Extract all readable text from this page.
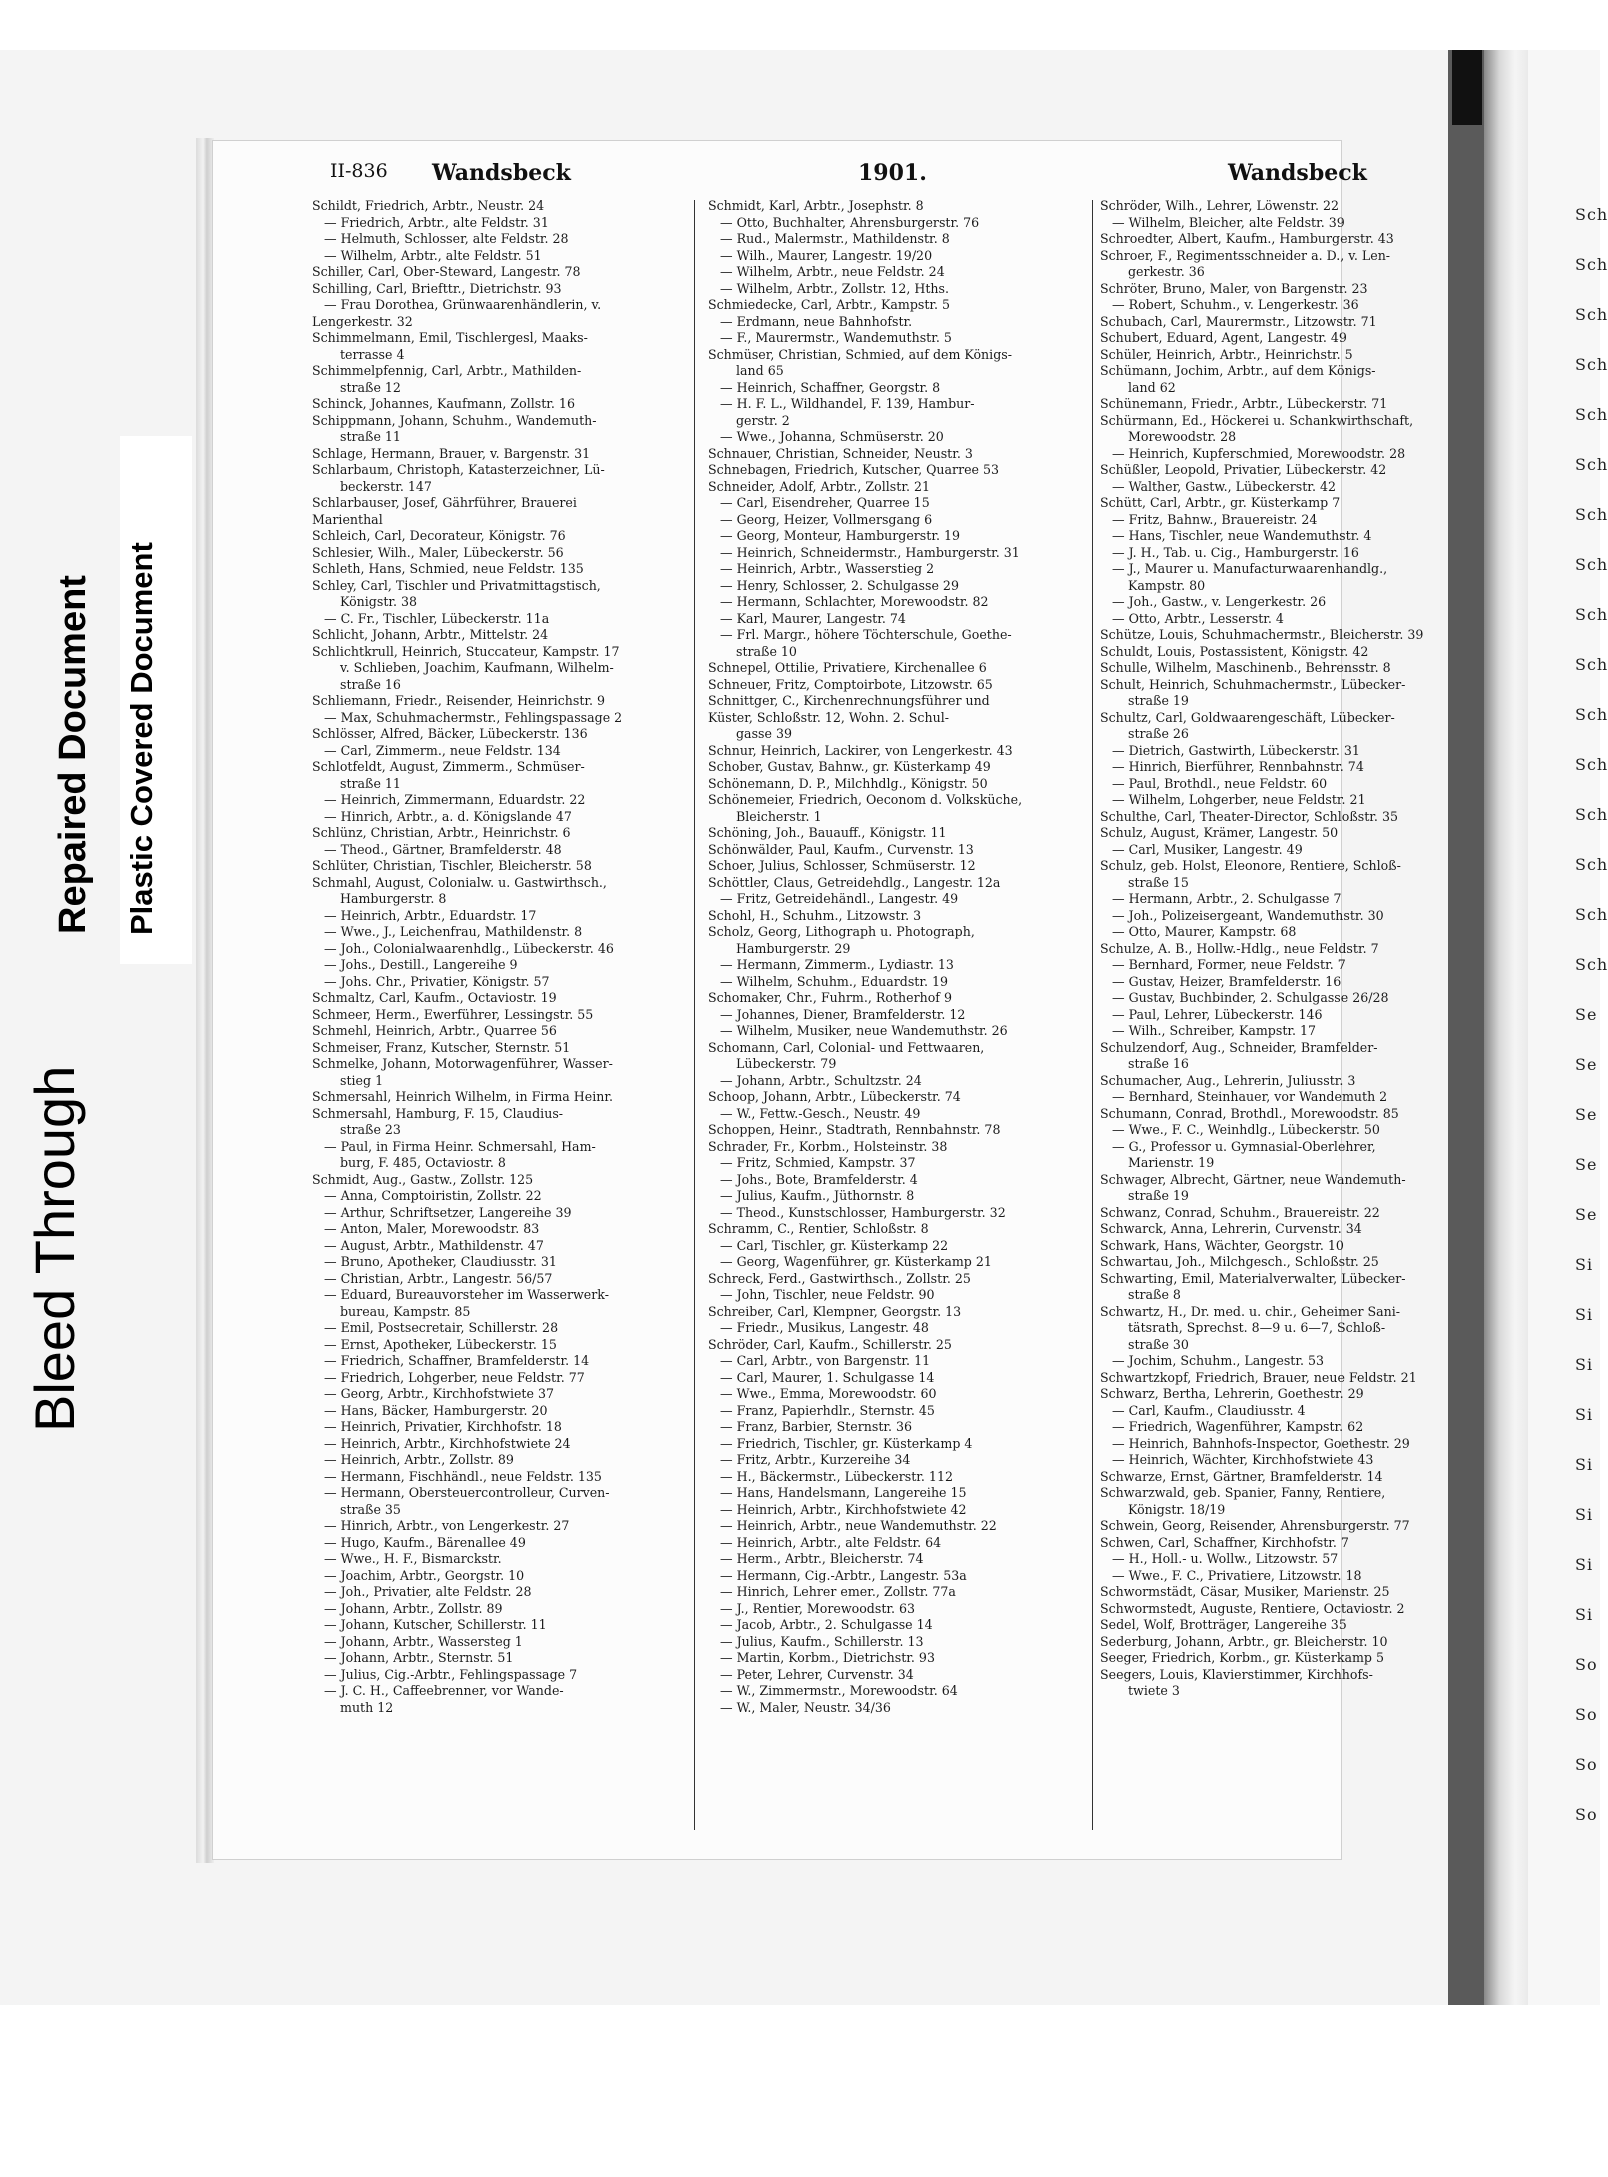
Bleed Through
Repaired Document Plastic Covered Document
Sch
Sch
Sch
Sch
Sch
Sch
Sch
Sch
Sch
Sch
Sch
Sch
Sch
Sch
Sch
Sch
Se
Se
Se
Se
Se
Si
Si
Si
Si
Si
Si
Si
Si
So
So
So
So
II-836 Wandsbeck	1901.	Wandsbeck
Schildt, Friedrich, Arbtr., Neustr. 24
— Friedrich, Arbtr., alte Feldstr. 31
— Helmuth, Schlosser, alte Feldstr. 28
— Wilhelm, Arbtr., alte Feldstr. 51
Schiller, Carl, Ober-Steward, Langestr. 78
Schilling, Carl, Briefttr., Dietrichstr. 93
— Frau Dorothea, Grünwaarenhändlerin, v.
Lengerkestr. 32
Schimmelmann, Emil, Tischlergesl, Maaks-
terrasse 4
Schimmelpfennig, Carl, Arbtr., Mathilden-
straße 12
Schinck, Johannes, Kaufmann, Zollstr. 16
Schippmann, Johann, Schuhm., Wandemuth-
straße 11
Schlage, Hermann, Brauer, v. Bargenstr. 31
Schlarbaum, Christoph, Katasterzeichner, Lü-
beckerstr. 147
Schlarbauser, Josef, Gährführer, Brauerei
Marienthal
Schleich, Carl, Decorateur, Königstr. 76
Schlesier, Wilh., Maler, Lübeckerstr. 56
Schleth, Hans, Schmied, neue Feldstr. 135
Schley, Carl, Tischler und Privatmittagstisch,
Königstr. 38
— C. Fr., Tischler, Lübeckerstr. 11a
Schlicht, Johann, Arbtr., Mittelstr. 24
Schlichtkrull, Heinrich, Stuccateur, Kampstr. 17
v. Schlieben, Joachim, Kaufmann, Wilhelm-
straße 16
Schliemann, Friedr., Reisender, Heinrichstr. 9
— Max, Schuhmachermstr., Fehlingspassage 2
Schlösser, Alfred, Bäcker, Lübeckerstr. 136
— Carl, Zimmerm., neue Feldstr. 134
Schlotfeldt, August, Zimmerm., Schmüser-
straße 11
— Heinrich, Zimmermann, Eduardstr. 22
— Hinrich, Arbtr., a. d. Königslande 47
Schlünz, Christian, Arbtr., Heinrichstr. 6
— Theod., Gärtner, Bramfelderstr. 48
Schlüter, Christian, Tischler, Bleicherstr. 58
Schmahl, August, Colonialw. u. Gastwirthsch.,
Hamburgerstr. 8
— Heinrich, Arbtr., Eduardstr. 17
— Wwe., J., Leichenfrau, Mathildenstr. 8
— Joh., Colonialwaarenhdlg., Lübeckerstr. 46
— Johs., Destill., Langereihe 9
— Johs. Chr., Privatier, Königstr. 57
Schmaltz, Carl, Kaufm., Octaviostr. 19
Schmeer, Herm., Ewerführer, Lessingstr. 55
Schmehl, Heinrich, Arbtr., Quarree 56
Schmeiser, Franz, Kutscher, Sternstr. 51
Schmelke, Johann, Motorwagenführer, Wasser-
stieg 1
Schmersahl, Heinrich Wilhelm, in Firma Heinr.
Schmersahl, Hamburg, F. 15, Claudius-
straße 23
— Paul, in Firma Heinr. Schmersahl, Ham-
burg, F. 485, Octaviostr. 8
Schmidt, Aug., Gastw., Zollstr. 125
— Anna, Comptoiristin, Zollstr. 22
— Arthur, Schriftsetzer, Langereihe 39
— Anton, Maler, Morewoodstr. 83
— August, Arbtr., Mathildenstr. 47
— Bruno, Apotheker, Claudiusstr. 31
— Christian, Arbtr., Langestr. 56/57
— Eduard, Bureauvorsteher im Wasserwerk-
bureau, Kampstr. 85
— Emil, Postsecretair, Schillerstr. 28
— Ernst, Apotheker, Lübeckerstr. 15
— Friedrich, Schaffner, Bramfelderstr. 14
— Friedrich, Lohgerber, neue Feldstr. 77
— Georg, Arbtr., Kirchhofstwiete 37
— Hans, Bäcker, Hamburgerstr. 20
— Heinrich, Privatier, Kirchhofstr. 18
— Heinrich, Arbtr., Kirchhofstwiete 24
— Heinrich, Arbtr., Zollstr. 89
— Hermann, Fischhändl., neue Feldstr. 135
— Hermann, Obersteuercontrolleur, Curven-
straße 35
— Hinrich, Arbtr., von Lengerkestr. 27
— Hugo, Kaufm., Bärenallee 49
— Wwe., H. F., Bismarckstr.
— Joachim, Arbtr., Georgstr. 10
— Joh., Privatier, alte Feldstr. 28
— Johann, Arbtr., Zollstr. 89
— Johann, Kutscher, Schillerstr. 11
— Johann, Arbtr., Wassersteg 1
— Johann, Arbtr., Sternstr. 51
— Julius, Cig.-Arbtr., Fehlingspassage 7
— J. C. H., Caffeebrenner, vor Wande-
muth 12
Schmidt, Karl, Arbtr., Josephstr. 8
— Otto, Buchhalter, Ahrensburgerstr. 76
— Rud., Malermstr., Mathildenstr. 8
— Wilh., Maurer, Langestr. 19/20
— Wilhelm, Arbtr., neue Feldstr. 24
— Wilhelm, Arbtr., Zollstr. 12, Hths.
Schmiedecke, Carl, Arbtr., Kampstr. 5
— Erdmann, neue Bahnhofstr.
— F., Maurermstr., Wandemuthstr. 5
Schmüser, Christian, Schmied, auf dem Königs-
land 65
— Heinrich, Schaffner, Georgstr. 8
— H. F. L., Wildhandel, F. 139, Hambur-
gerstr. 2
— Wwe., Johanna, Schmüserstr. 20
Schnauer, Christian, Schneider, Neustr. 3
Schnebagen, Friedrich, Kutscher, Quarree 53
Schneider, Adolf, Arbtr., Zollstr. 21
— Carl, Eisendreher, Quarree 15
— Georg, Heizer, Vollmersgang 6
— Georg, Monteur, Hamburgerstr. 19
— Heinrich, Schneidermstr., Hamburgerstr. 31
— Heinrich, Arbtr., Wasserstieg 2
— Henry, Schlosser, 2. Schulgasse 29
— Hermann, Schlachter, Morewoodstr. 82
— Karl, Maurer, Langestr. 74
— Frl. Margr., höhere Töchterschule, Goethe-
straße 10
Schnepel, Ottilie, Privatiere, Kirchenallee 6
Schneuer, Fritz, Comptoirbote, Litzowstr. 65
Schnittger, C., Kirchenrechnungsführer und
Küster, Schloßstr. 12, Wohn. 2. Schul-
gasse 39
Schnur, Heinrich, Lackirer, von Lengerkestr. 43
Schober, Gustav, Bahnw., gr. Küsterkamp 49
Schönemann, D. P., Milchhdlg., Königstr. 50
Schönemeier, Friedrich, Oeconom d. Volksküche,
Bleicherstr. 1
Schöning, Joh., Bauauff., Königstr. 11
Schönwälder, Paul, Kaufm., Curvenstr. 13
Schoer, Julius, Schlosser, Schmüserstr. 12
Schöttler, Claus, Getreidehdlg., Langestr. 12a
— Fritz, Getreidehändl., Langestr. 49
Schohl, H., Schuhm., Litzowstr. 3
Scholz, Georg, Lithograph u. Photograph,
Hamburgerstr. 29
— Hermann, Zimmerm., Lydiastr. 13
— Wilhelm, Schuhm., Eduardstr. 19
Schomaker, Chr., Fuhrm., Rotherhof 9
— Johannes, Diener, Bramfelderstr. 12
— Wilhelm, Musiker, neue Wandemuthstr. 26
Schomann, Carl, Colonial- und Fettwaaren,
Lübeckerstr. 79
— Johann, Arbtr., Schultzstr. 24
Schoop, Johann, Arbtr., Lübeckerstr. 74
— W., Fettw.-Gesch., Neustr. 49
Schoppen, Heinr., Stadtrath, Rennbahnstr. 78
Schrader, Fr., Korbm., Holsteinstr. 38
— Fritz, Schmied, Kampstr. 37
— Johs., Bote, Bramfelderstr. 4
— Julius, Kaufm., Jüthornstr. 8
— Theod., Kunstschlosser, Hamburgerstr. 32
Schramm, C., Rentier, Schloßstr. 8
— Carl, Tischler, gr. Küsterkamp 22
— Georg, Wagenführer, gr. Küsterkamp 21
Schreck, Ferd., Gastwirthsch., Zollstr. 25
— John, Tischler, neue Feldstr. 90
Schreiber, Carl, Klempner, Georgstr. 13
— Friedr., Musikus, Langestr. 48
Schröder, Carl, Kaufm., Schillerstr. 25
— Carl, Arbtr., von Bargenstr. 11
— Carl, Maurer, 1. Schulgasse 14
— Wwe., Emma, Morewoodstr. 60
— Franz, Papierhdlr., Sternstr. 45
— Franz, Barbier, Sternstr. 36
— Friedrich, Tischler, gr. Küsterkamp 4
— Fritz, Arbtr., Kurzereihe 34
— H., Bäckermstr., Lübeckerstr. 112
— Hans, Handelsmann, Langereihe 15
— Heinrich, Arbtr., Kirchhofstwiete 42
— Heinrich, Arbtr., neue Wandemuthstr. 22
— Heinrich, Arbtr., alte Feldstr. 64
— Herm., Arbtr., Bleicherstr. 74
— Hermann, Cig.-Arbtr., Langestr. 53a
— Hinrich, Lehrer emer., Zollstr. 77a
— J., Rentier, Morewoodstr. 63
— Jacob, Arbtr., 2. Schulgasse 14
— Julius, Kaufm., Schillerstr. 13
— Martin, Korbm., Dietrichstr. 93
— Peter, Lehrer, Curvenstr. 34
— W., Zimmermstr., Morewoodstr. 64
— W., Maler, Neustr. 34/36
Schröder, Wilh., Lehrer, Löwenstr. 22
— Wilhelm, Bleicher, alte Feldstr. 39
Schroedter, Albert, Kaufm., Hamburgerstr. 43
Schroer, F., Regimentsschneider a. D., v. Len-
gerkestr. 36
Schröter, Bruno, Maler, von Bargenstr. 23
— Robert, Schuhm., v. Lengerkestr. 36
Schubach, Carl, Maurermstr., Litzowstr. 71
Schubert, Eduard, Agent, Langestr. 49
Schüler, Heinrich, Arbtr., Heinrichstr. 5
Schümann, Jochim, Arbtr., auf dem Königs-
land 62
Schünemann, Friedr., Arbtr., Lübeckerstr. 71
Schürmann, Ed., Höckerei u. Schankwirthschaft,
Morewoodstr. 28
— Heinrich, Kupferschmied, Morewoodstr. 28
Schüßler, Leopold, Privatier, Lübeckerstr. 42
— Walther, Gastw., Lübeckerstr. 42
Schütt, Carl, Arbtr., gr. Küsterkamp 7
— Fritz, Bahnw., Brauereistr. 24
— Hans, Tischler, neue Wandemuthstr. 4
— J. H., Tab. u. Cig., Hamburgerstr. 16
— J., Maurer u. Manufacturwaarenhandlg.,
Kampstr. 80
— Joh., Gastw., v. Lengerkestr. 26
— Otto, Arbtr., Lesserstr. 4
Schütze, Louis, Schuhmachermstr., Bleicherstr. 39
Schuldt, Louis, Postassistent, Königstr. 42
Schulle, Wilhelm, Maschinenb., Behrensstr. 8
Schult, Heinrich, Schuhmachermstr., Lübecker-
straße 19
Schultz, Carl, Goldwaarengeschäft, Lübecker-
straße 26
— Dietrich, Gastwirth, Lübeckerstr. 31
— Hinrich, Bierführer, Rennbahnstr. 74
— Paul, Brothdl., neue Feldstr. 60
— Wilhelm, Lohgerber, neue Feldstr. 21
Schulthe, Carl, Theater-Director, Schloßstr. 35
Schulz, August, Krämer, Langestr. 50
— Carl, Musiker, Langestr. 49
Schulz, geb. Holst, Eleonore, Rentiere, Schloß-
straße 15
— Hermann, Arbtr., 2. Schulgasse 7
— Joh., Polizeisergeant, Wandemuthstr. 30
— Otto, Maurer, Kampstr. 68
Schulze, A. B., Hollw.-Hdlg., neue Feldstr. 7
— Bernhard, Former, neue Feldstr. 7
— Gustav, Heizer, Bramfelderstr. 16
— Gustav, Buchbinder, 2. Schulgasse 26/28
— Paul, Lehrer, Lübeckerstr. 146
— Wilh., Schreiber, Kampstr. 17
Schulzendorf, Aug., Schneider, Bramfelder-
straße 16
Schumacher, Aug., Lehrerin, Juliusstr. 3
— Bernhard, Steinhauer, vor Wandemuth 2
Schumann, Conrad, Brothdl., Morewoodstr. 85
— Wwe., F. C., Weinhdlg., Lübeckerstr. 50
— G., Professor u. Gymnasial-Oberlehrer,
Marienstr. 19
Schwager, Albrecht, Gärtner, neue Wandemuth-
straße 19
Schwanz, Conrad, Schuhm., Brauereistr. 22
Schwarck, Anna, Lehrerin, Curvenstr. 34
Schwark, Hans, Wächter, Georgstr. 10
Schwartau, Joh., Milchgesch., Schloßstr. 25
Schwarting, Emil, Materialverwalter, Lübecker-
straße 8
Schwartz, H., Dr. med. u. chir., Geheimer Sani-
tätsrath, Sprechst. 8—9 u. 6—7, Schloß-
straße 30
— Jochim, Schuhm., Langestr. 53
Schwartzkopf, Friedrich, Brauer, neue Feldstr. 21
Schwarz, Bertha, Lehrerin, Goethestr. 29
— Carl, Kaufm., Claudiusstr. 4
— Friedrich, Wagenführer, Kampstr. 62
— Heinrich, Bahnhofs-Inspector, Goethestr. 29
— Heinrich, Wächter, Kirchhofstwiete 43
Schwarze, Ernst, Gärtner, Bramfelderstr. 14
Schwarzwald, geb. Spanier, Fanny, Rentiere,
Königstr. 18/19
Schwein, Georg, Reisender, Ahrensburgerstr. 77
Schwen, Carl, Schaffner, Kirchhofstr. 7
— H., Holl.- u. Wollw., Litzowstr. 57
— Wwe., F. C., Privatiere, Litzowstr. 18
Schwormstädt, Cäsar, Musiker, Marienstr. 25
Schwormstedt, Auguste, Rentiere, Octaviostr. 2
Sedel, Wolf, Brotträger, Langereihe 35
Sederburg, Johann, Arbtr., gr. Bleicherstr. 10
Seeger, Friedrich, Korbm., gr. Küsterkamp 5
Seegers, Louis, Klavierstimmer, Kirchhofs-
twiete 3
